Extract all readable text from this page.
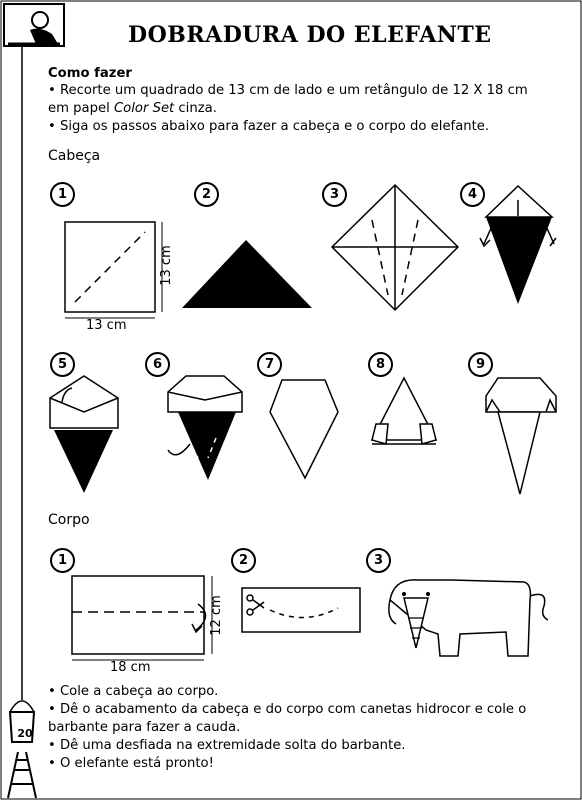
DOBRADURA DO ELEFANTE
Como fazer
• Recorte um quadrado de 13 cm de lado e um retângulo de 12 X 18 cm
em papel Color Set cinza.
• Siga os passos abaixo para fazer a cabeça e o corpo do elefante.
Cabeça
1	2	3	4
5	6	7	8	9
13 cm
13 cm
Corpo
1	2	3
18 cm
12 cm
• Cole a cabeça ao corpo.
• Dê o acabamento da cabeça e do corpo com canetas hidrocor e cole o
barbante para fazer a cauda.
• Dê uma desfiada na extremidade solta do barbante.
• O elefante está pronto!
20
